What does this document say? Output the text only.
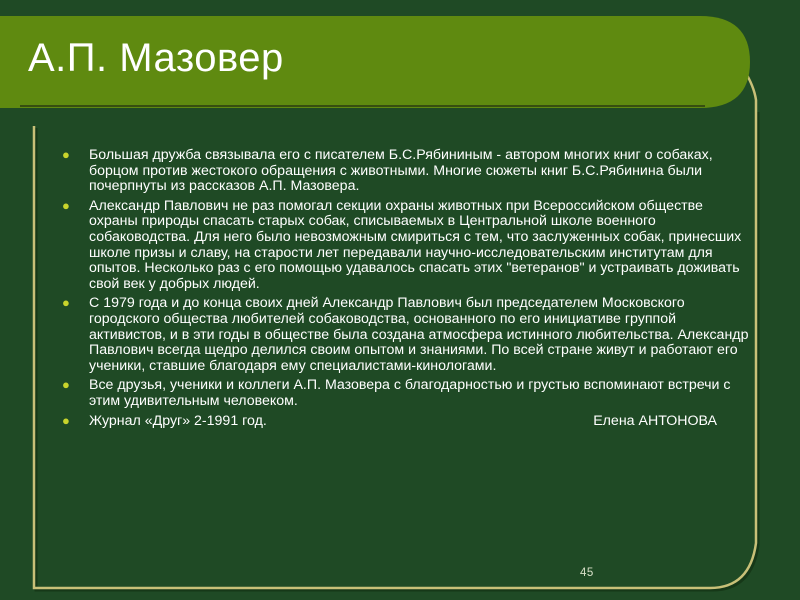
А.П. Мазовер
● Большая дружба связывала его с писателем Б.С.Рябининым - автором многих книг о собаках, борцом против жестокого обращения с животными. Многие сюжеты книг Б.С.Рябинина были почерпнуты из рассказов А.П. Мазовера.
● Александр Павлович не раз помогал секции охраны животных при Всероссийском обществе охраны природы спасать старых собак, списываемых в Центральной школе военного собаководства. Для него было невозможным смириться с тем, что заслуженных собак, принесших школе призы и славу, на старости лет передавали научно-исследовательским институтам для опытов. Несколько раз с его помощью удавалось спасать этих "ветеранов" и устраивать доживать свой век у добрых людей.
● С 1979 года и до конца своих дней Александр Павлович был председателем Московского городского общества любителей собаководства, основанного по его инициативе группой активистов, и в эти годы в обществе была создана атмосфера истинного любительства. Александр Павлович всегда щедро делился своим опытом и знаниями. По всей стране живут и работают его ученики, ставшие благодаря ему специалистами-кинологами.
● Все друзья, ученики и коллеги А.П. Мазовера с благодарностью и грустью вспоминают встречи с этим удивительным человеком.
● Журнал «Друг» 2-1991 год.	Елена АНТОНОВА
45
